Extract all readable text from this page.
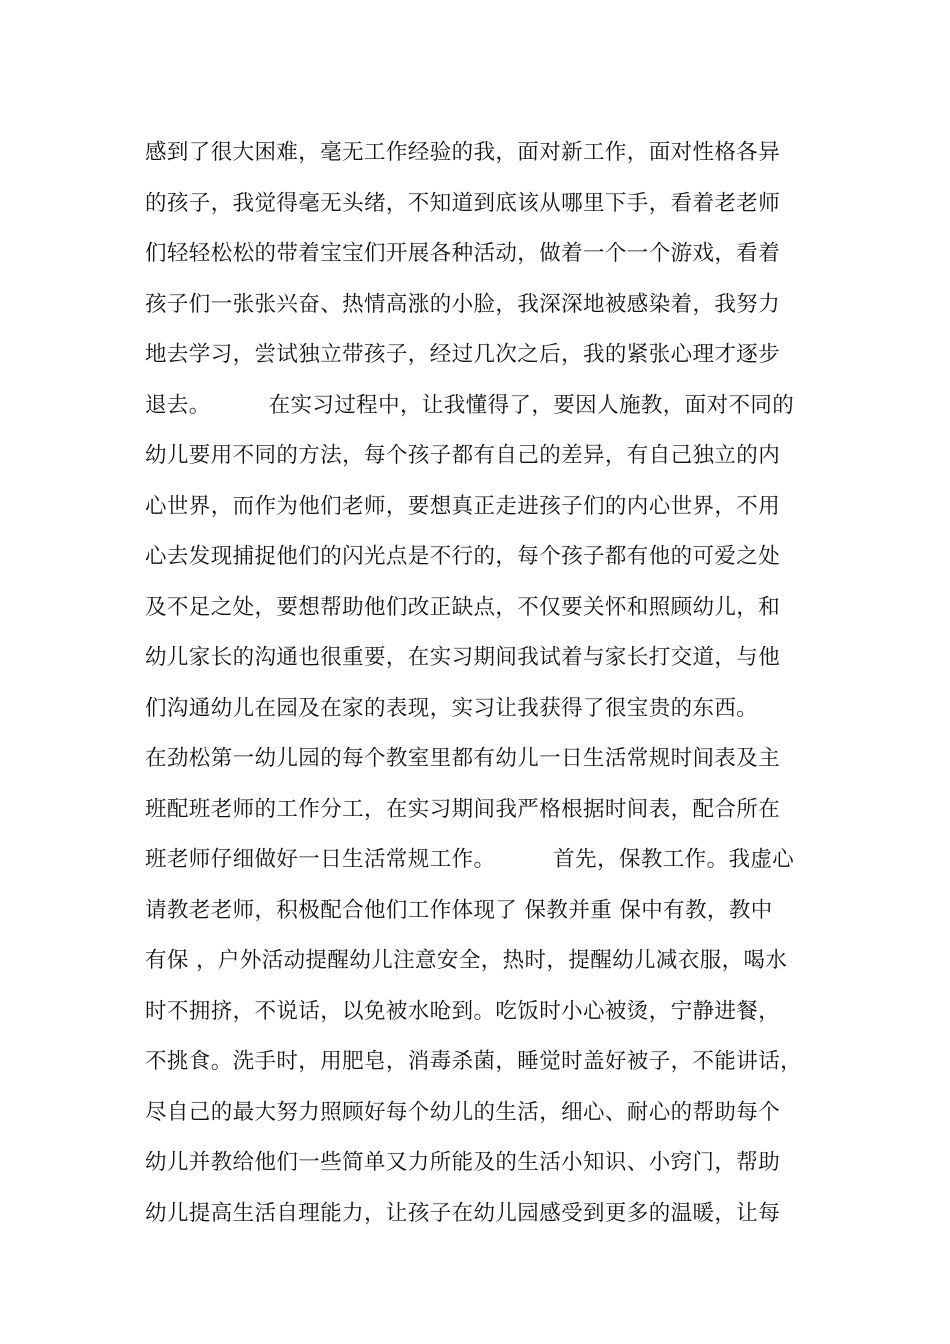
感到了很大困难，毫无工作经验的我，面对新工作，面对性格各异
的孩子，我觉得毫无头绪，不知道到底该从哪里下手，看着老老师
们轻轻松松的带着宝宝们开展各种活动，做着一个一个游戏，看着
孩子们一张张兴奋、热情高涨的小脸，我深深地被感染着，我努力
地去学习，尝试独立带孩子，经过几次之后，我的紧张心理才逐步
退去。        在实习过程中，让我懂得了，要因人施教，面对不同的
幼儿要用不同的方法，每个孩子都有自己的差异，有自己独立的内
心世界，而作为他们老师，要想真正走进孩子们的内心世界，不用
心去发现捕捉他们的闪光点是不行的，每个孩子都有他的可爱之处
及不足之处，要想帮助他们改正缺点，不仅要关怀和照顾幼儿，和
幼儿家长的沟通也很重要，在实习期间我试着与家长打交道，与他
们沟通幼儿在园及在家的表现，实习让我获得了很宝贵的东西。
在劲松第一幼儿园的每个教室里都有幼儿一日生活常规时间表及主
班配班老师的工作分工，在实习期间我严格根据时间表，配合所在
班老师仔细做好一日生活常规工作。        首先，保教工作。我虚心
请教老老师，积极配合他们工作体现了 保教并重 保中有教，教中
有保 ，户外活动提醒幼儿注意安全，热时，提醒幼儿减衣服，喝水
时不拥挤，不说话，以免被水呛到。吃饭时小心被烫，宁静进餐，
不挑食。洗手时，用肥皂，消毒杀菌，睡觉时盖好被子，不能讲话，
尽自己的最大努力照顾好每个幼儿的生活，细心、耐心的帮助每个
幼儿并教给他们一些简单又力所能及的生活小知识、小窍门，帮助
幼儿提高生活自理能力，让孩子在幼儿园感受到更多的温暖，让每
